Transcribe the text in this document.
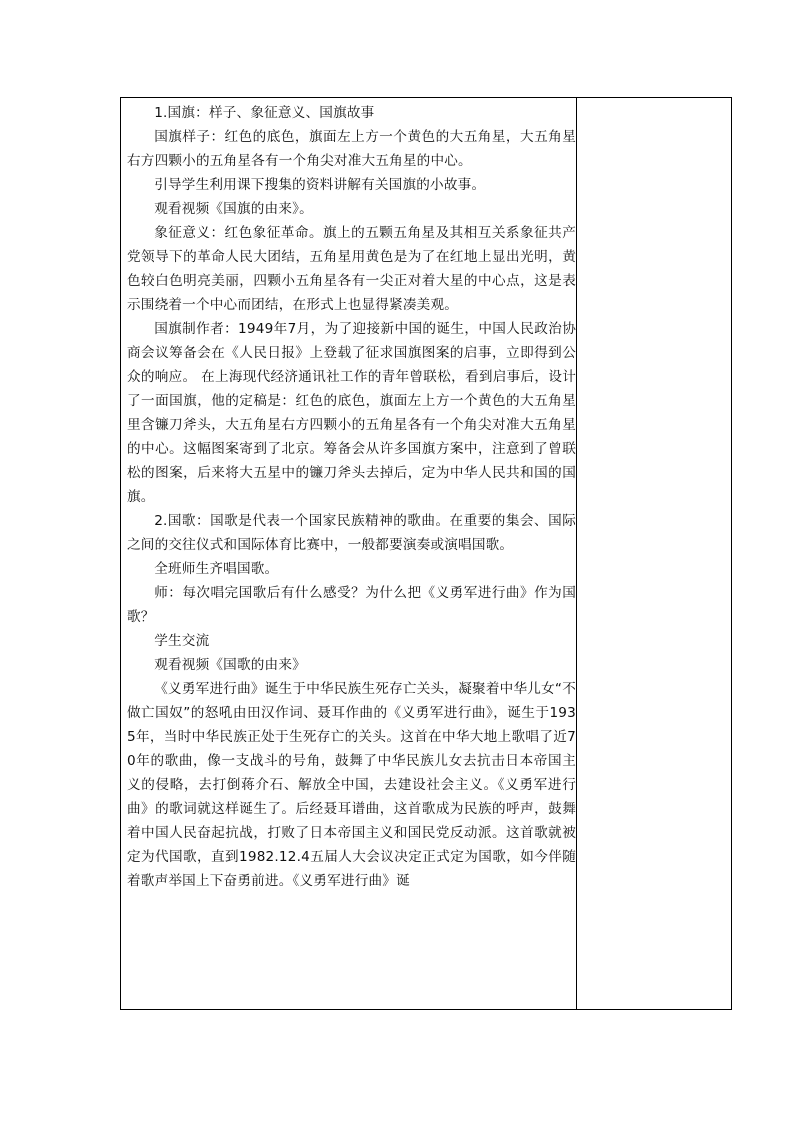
1.国旗：样子、象征意义、国旗故事

国旗样子：红色的底色，旗面左上方一个黄色的大五角星，大五角星右方四颗小的五角星各有一个角尖对准大五角星的中心。

引导学生利用课下搜集的资料讲解有关国旗的小故事。

观看视频《国旗的由来》。

象征意义：红色象征革命。旗上的五颗五角星及其相互关系象征共产党领导下的革命人民大团结，五角星用黄色是为了在红地上显出光明，黄色较白色明亮美丽，四颗小五角星各有一尖正对着大星的中心点，这是表示围绕着一个中心而团结，在形式上也显得紧凑美观。

国旗制作者：1949年7月，为了迎接新中国的诞生，中国人民政治协商会议筹备会在《人民日报》上登载了征求国旗图案的启事，立即得到公众的响应。 在上海现代经济通讯社工作的青年曾联松，看到启事后，设计了一面国旗，他的定稿是：红色的底色，旗面左上方一个黄色的大五角星里含镰刀斧头，大五角星右方四颗小的五角星各有一个角尖对准大五角星的中心。这幅图案寄到了北京。筹备会从许多国旗方案中，注意到了曾联松的图案，后来将大五星中的镰刀斧头去掉后，定为中华人民共和国的国旗。

2.国歌：国歌是代表一个国家民族精神的歌曲。在重要的集会、国际之间的交往仪式和国际体育比赛中，一般都要演奏或演唱国歌。

全班师生齐唱国歌。

师：每次唱完国歌后有什么感受？为什么把《义勇军进行曲》作为国歌？

学生交流

观看视频《国歌的由来》

《义勇军进行曲》诞生于中华民族生死存亡关头，凝聚着中华儿女“不做亡国奴”的怒吼由田汉作词、聂耳作曲的《义勇军进行曲》，诞生于1935年，当时中华民族正处于生死存亡的关头。这首在中华大地上歌唱了近70年的歌曲，像一支战斗的号角，鼓舞了中华民族儿女去抗击日本帝国主义的侵略，去打倒蒋介石、解放全中国，去建设社会主义。《义勇军进行曲》的歌词就这样诞生了。后经聂耳谱曲，这首歌成为民族的呼声，鼓舞着中国人民奋起抗战，打败了日本帝国主义和国民党反动派。这首歌就被定为代国歌，直到1982.12.4五届人大会议决定正式定为国歌，如今伴随着歌声举国上下奋勇前进。《义勇军进行曲》诞
